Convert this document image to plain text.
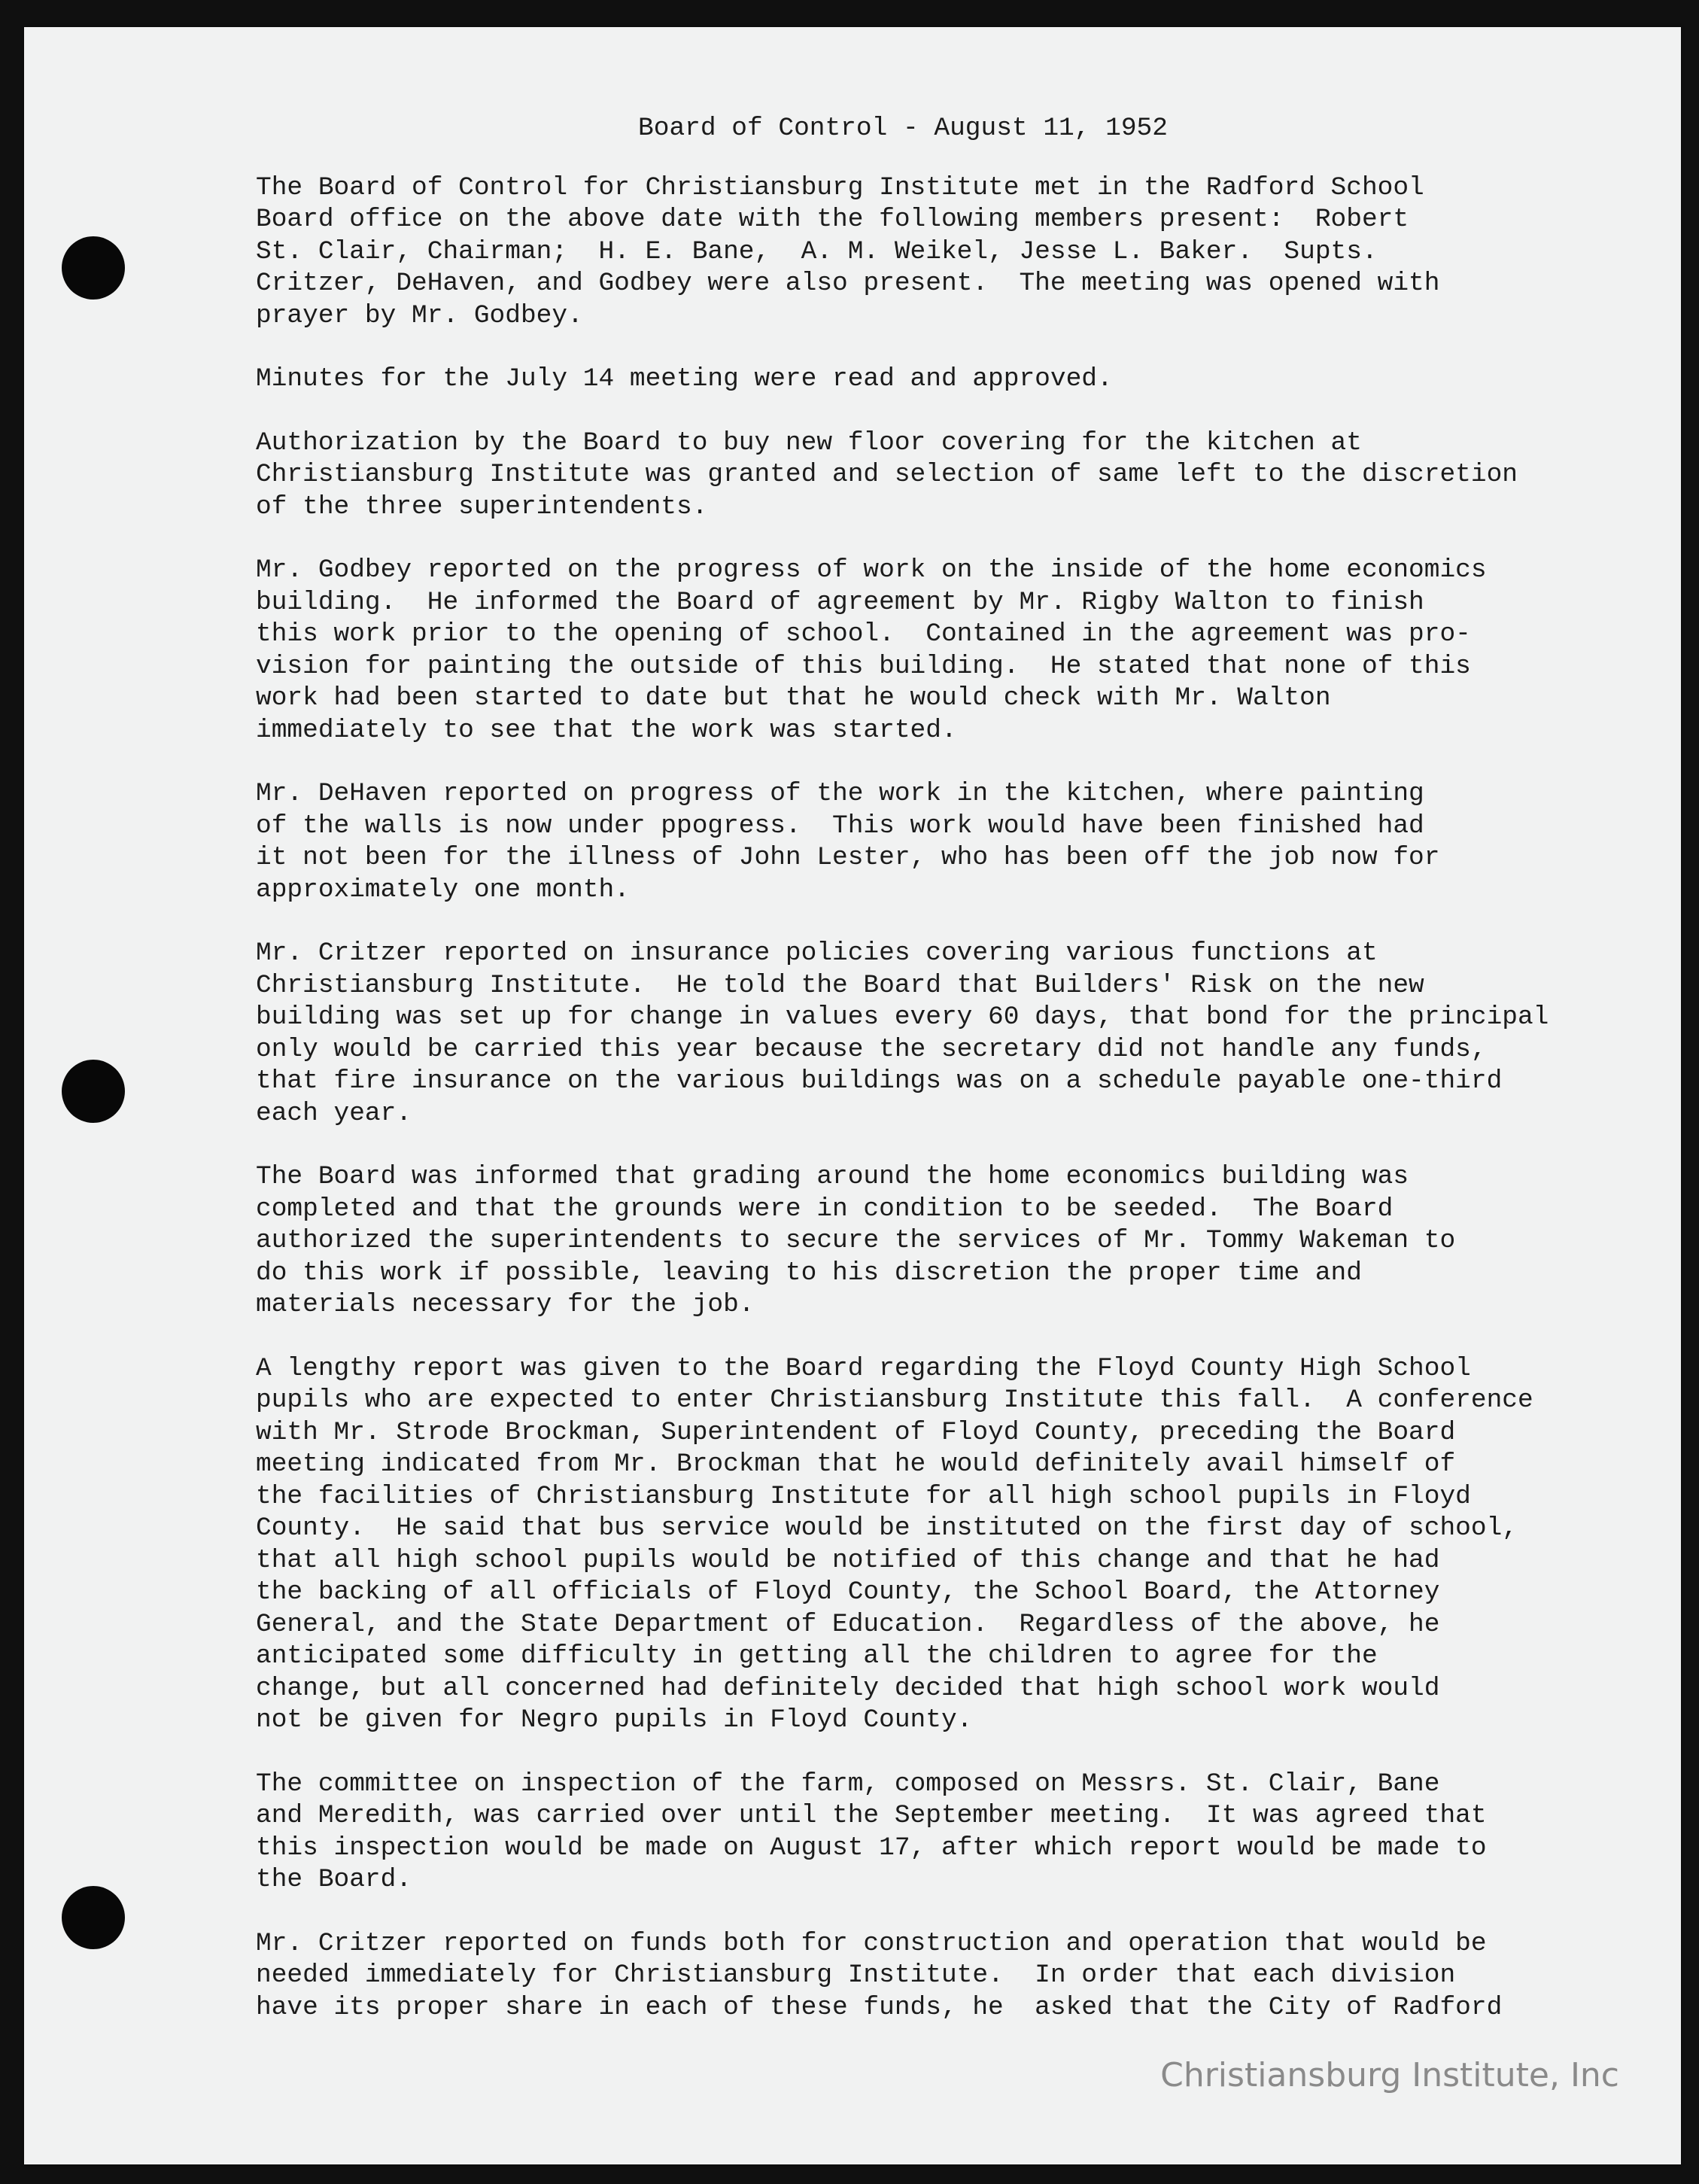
Board of Control - August 11, 1952
The Board of Control for Christiansburg Institute met in the Radford School
Board office on the above date with the following members present:  Robert
St. Clair, Chairman;  H. E. Bane,  A. M. Weikel, Jesse L. Baker.  Supts.
Critzer, DeHaven, and Godbey were also present.  The meeting was opened with
prayer by Mr. Godbey.
Minutes for the July 14 meeting were read and approved.
Authorization by the Board to buy new floor covering for the kitchen at
Christiansburg Institute was granted and selection of same left to the discretion
of the three superintendents.
Mr. Godbey reported on the progress of work on the inside of the home economics
building.  He informed the Board of agreement by Mr. Rigby Walton to finish
this work prior to the opening of school.  Contained in the agreement was pro-
vision for painting the outside of this building.  He stated that none of this
work had been started to date but that he would check with Mr. Walton
immediately to see that the work was started.
Mr. DeHaven reported on progress of the work in the kitchen, where painting
of the walls is now under ppogress.  This work would have been finished had
it not been for the illness of John Lester, who has been off the job now for
approximately one month.
Mr. Critzer reported on insurance policies covering various functions at
Christiansburg Institute.  He told the Board that Builders' Risk on the new
building was set up for change in values every 60 days, that bond for the principal
only would be carried this year because the secretary did not handle any funds,
that fire insurance on the various buildings was on a schedule payable one-third
each year.
The Board was informed that grading around the home economics building was
completed and that the grounds were in condition to be seeded.  The Board
authorized the superintendents to secure the services of Mr. Tommy Wakeman to
do this work if possible, leaving to his discretion the proper time and
materials necessary for the job.
A lengthy report was given to the Board regarding the Floyd County High School
pupils who are expected to enter Christiansburg Institute this fall.  A conference
with Mr. Strode Brockman, Superintendent of Floyd County, preceding the Board
meeting indicated from Mr. Brockman that he would definitely avail himself of
the facilities of Christiansburg Institute for all high school pupils in Floyd
County.  He said that bus service would be instituted on the first day of school,
that all high school pupils would be notified of this change and that he had
the backing of all officials of Floyd County, the School Board, the Attorney
General, and the State Department of Education.  Regardless of the above, he
anticipated some difficulty in getting all the children to agree for the
change, but all concerned had definitely decided that high school work would
not be given for Negro pupils in Floyd County.
The committee on inspection of the farm, composed on Messrs. St. Clair, Bane
and Meredith, was carried over until the September meeting.  It was agreed that
this inspection would be made on August 17, after which report would be made to
the Board.
Mr. Critzer reported on funds both for construction and operation that would be
needed immediately for Christiansburg Institute.  In order that each division
have its proper share in each of these funds, he  asked that the City of Radford
Christiansburg Institute, Inc
